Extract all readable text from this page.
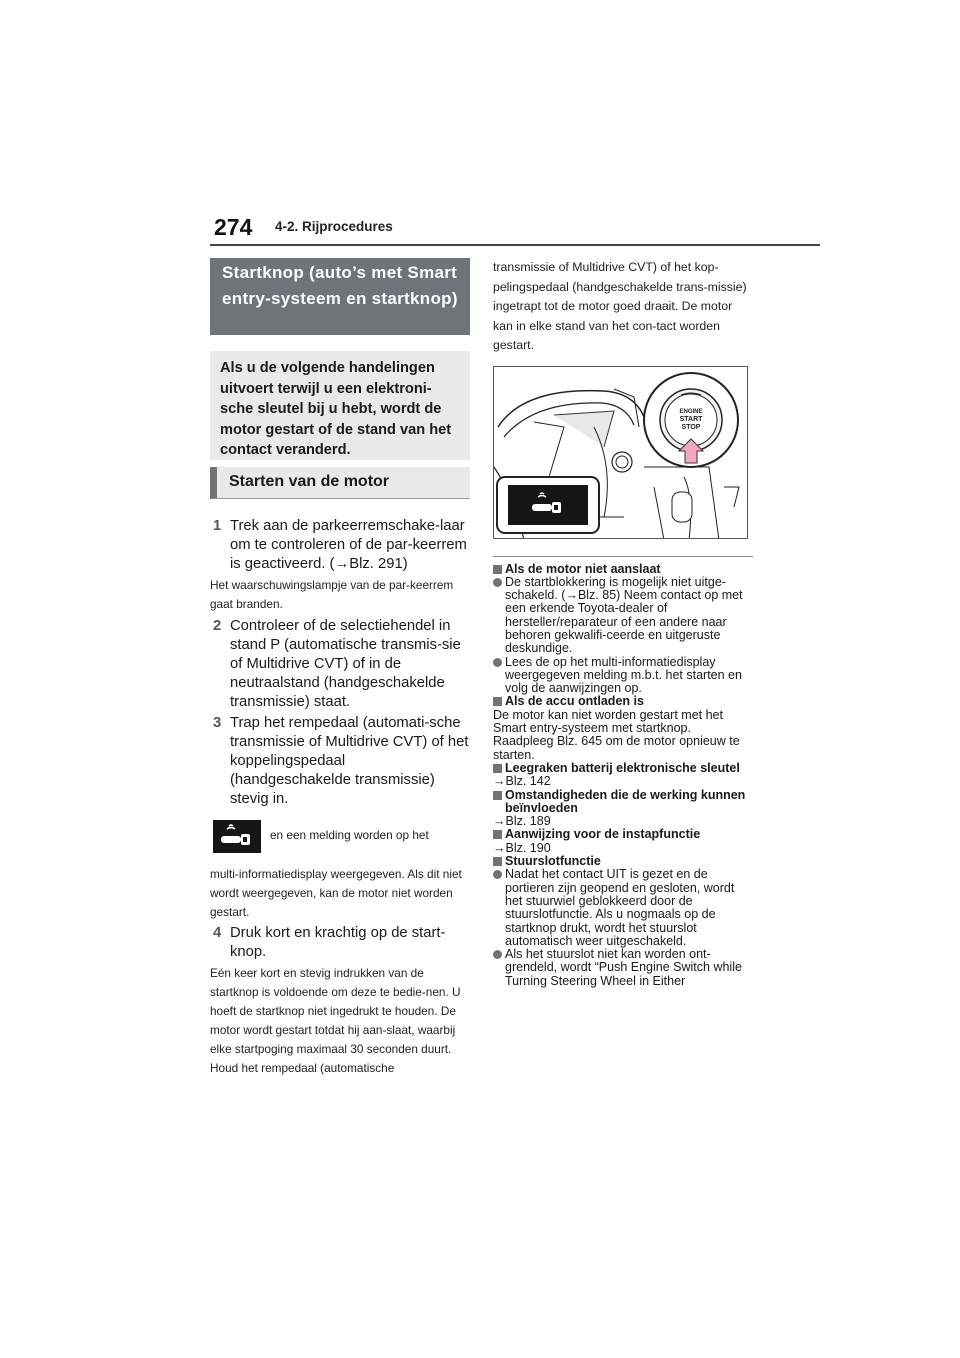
274 4-2. Rijprocedures
Startknop (auto’s met Smart entry-systeem en startknop)
Als u de volgende handelingen uitvoert terwijl u een elektroni-sche sleutel bij u hebt, wordt de motor gestart of de stand van het contact veranderd.
Starten van de motor
1 Trek aan de parkeerremschake-laar om te controleren of de par-keerrem is geactiveerd. (→Blz. 291)
Het waarschuwingslampje van de par-keerrem gaat branden.
2 Controleer of de selectiehendel in stand P (automatische transmis-sie of Multidrive CVT) of in de neutraalstand (handgeschakelde transmissie) staat.
3 Trap het rempedaal (automati-sche transmissie of Multidrive CVT) of het koppelingspedaal (handgeschakelde transmissie) stevig in.
en een melding worden op het
multi-informatiedisplay weergegeven. Als dit niet wordt weergegeven, kan de motor niet worden gestart.
4 Druk kort en krachtig op de start-knop.
Eén keer kort en stevig indrukken van de startknop is voldoende om deze te bedie-nen. U hoeft de startknop niet ingedrukt te houden. De motor wordt gestart totdat hij aan-slaat, waarbij elke startpoging maximaal 30 seconden duurt. Houd het rempedaal (automatische
transmissie of Multidrive CVT) of het kop-pelingspedaal (handgeschakelde trans-missie) ingetrapt tot de motor goed draait. De motor kan in elke stand van het con-tact worden gestart.
ENGINE
START
STOP
Als de motor niet aanslaat
De startblokkering is mogelijk niet uitge-schakeld. (→Blz. 85) Neem contact op met een erkende Toyota-dealer of hersteller/reparateur of een andere naar behoren gekwalifi-ceerde en uitgeruste deskundige.
Lees de op het multi-informatiedisplay weergegeven melding m.b.t. het starten en volg de aanwijzingen op.
Als de accu ontladen is
De motor kan niet worden gestart met het Smart entry-systeem met startknop. Raadpleeg Blz. 645 om de motor opnieuw te starten.
Leegraken batterij elektronische sleutel
→Blz. 142
Omstandigheden die de werking kunnen beïnvloeden
→Blz. 189
Aanwijzing voor de instapfunctie
→Blz. 190
Stuurslotfunctie
Nadat het contact UIT is gezet en de portieren zijn geopend en gesloten, wordt het stuurwiel geblokkeerd door de stuurslotfunctie. Als u nogmaals op de startknop drukt, wordt het stuurslot automatisch weer uitgeschakeld.
Als het stuurslot niet kan worden ont-grendeld, wordt “Push Engine Switch while Turning Steering Wheel in Either
